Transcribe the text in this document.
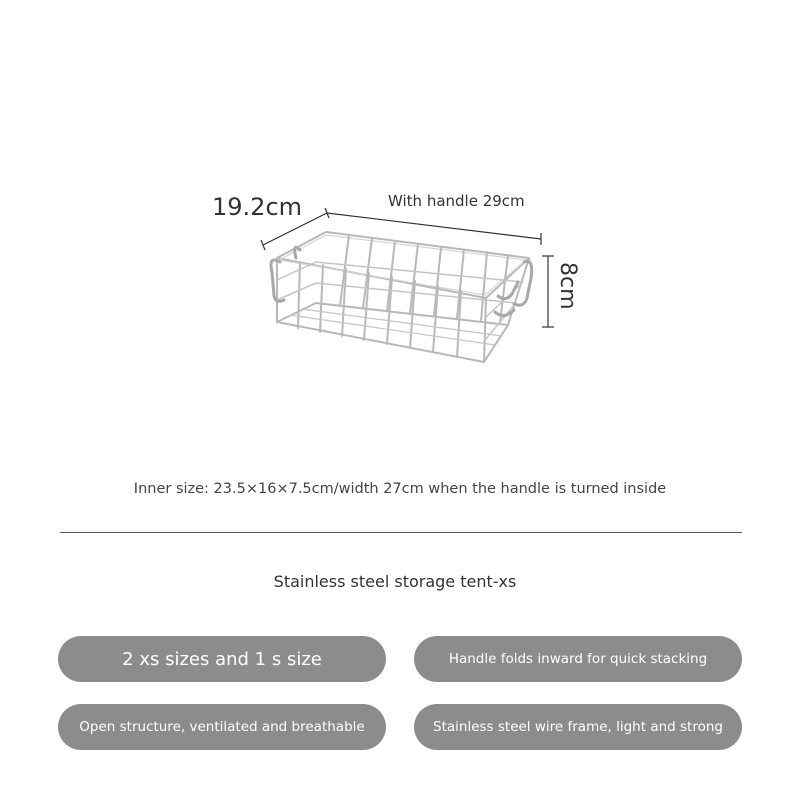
19.2cm	With handle 29cm
8cm
Inner size: 23.5×16×7.5cm/width 27cm when the handle is turned inside
Stainless steel storage tent-xs
2 xs sizes and 1 s size	Handle folds inward for quick stacking
Open structure, ventilated and breathable	Stainless steel wire frame, light and strong
